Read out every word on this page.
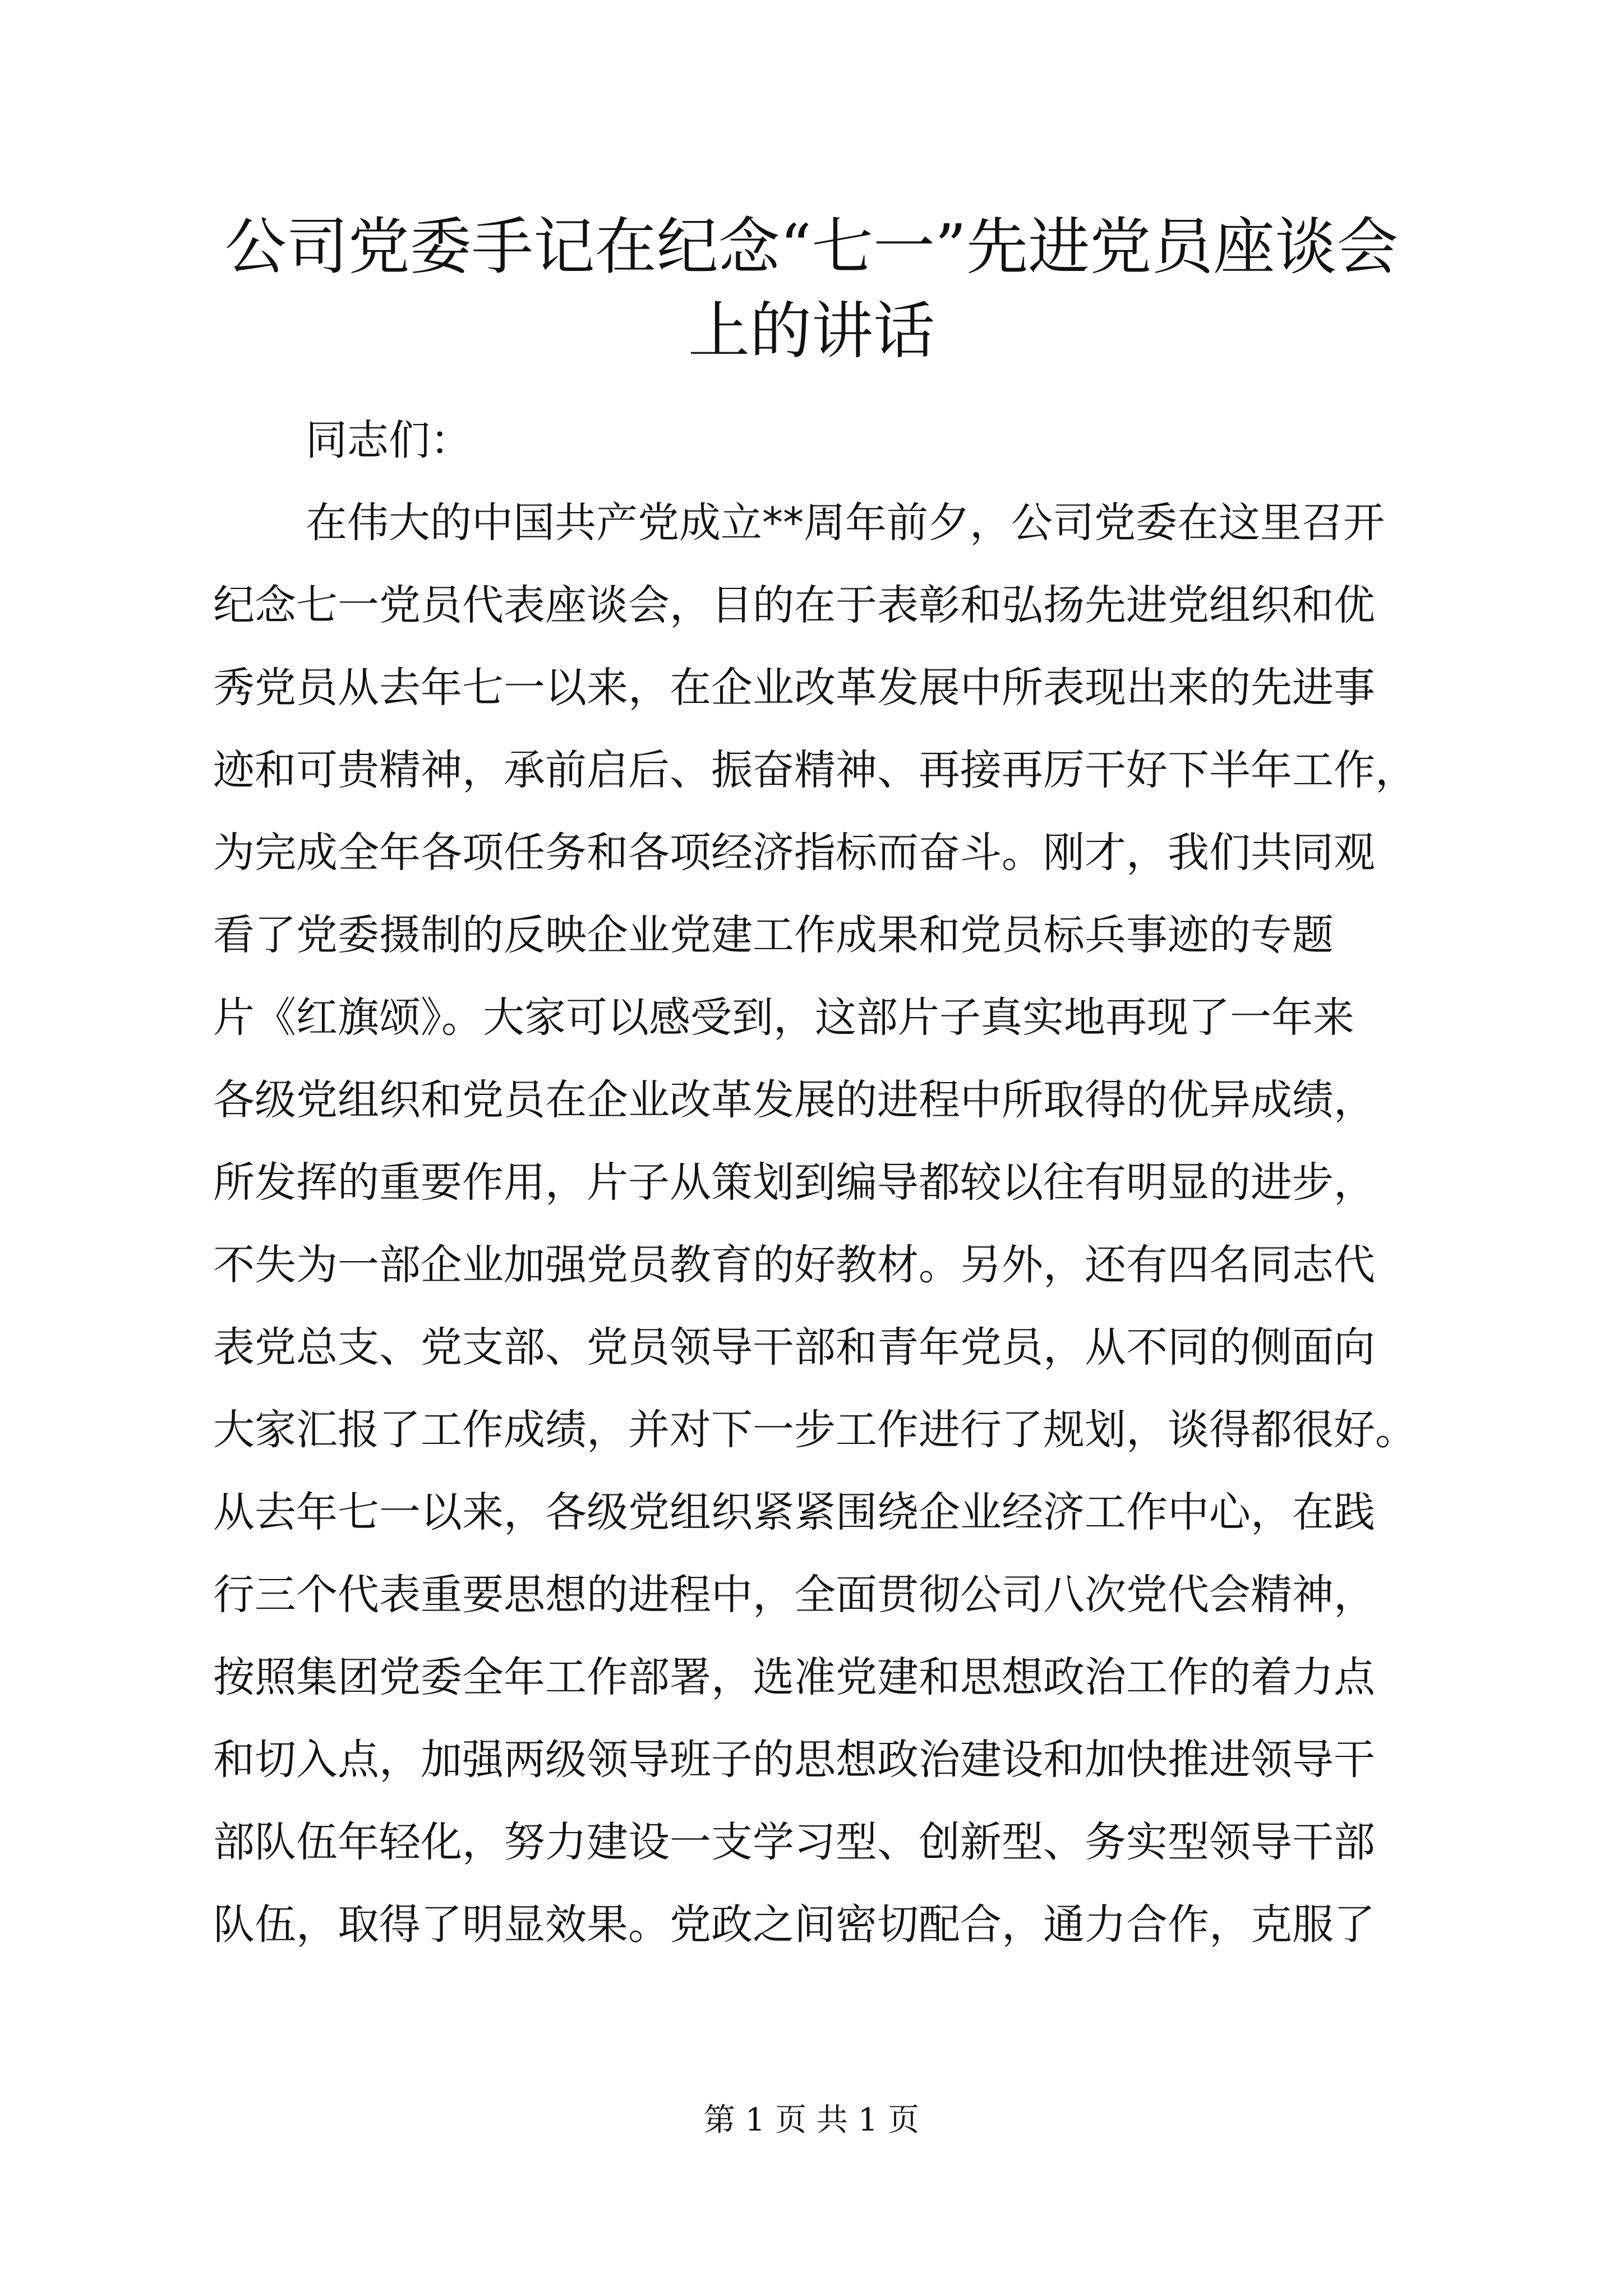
公司党委手记在纪念“七一”先进党员座谈会
上的讲话

同志们：

在伟大的中国共产党成立**周年前夕，公司党委在这里召开

纪念七一党员代表座谈会，目的在于表彰和弘扬先进党组织和优

秀党员从去年七一以来，在企业改革发展中所表现出来的先进事

迹和可贵精神，承前启后、振奋精神、再接再厉干好下半年工作，

为完成全年各项任务和各项经济指标而奋斗。刚才，我们共同观

看了党委摄制的反映企业党建工作成果和党员标兵事迹的专题

片《红旗颂》。大家可以感受到，这部片子真实地再现了一年来

各级党组织和党员在企业改革发展的进程中所取得的优异成绩，

所发挥的重要作用，片子从策划到编导都较以往有明显的进步，

不失为一部企业加强党员教育的好教材。另外，还有四名同志代

表党总支、党支部、党员领导干部和青年党员，从不同的侧面向

大家汇报了工作成绩，并对下一步工作进行了规划，谈得都很好。

从去年七一以来，各级党组织紧紧围绕企业经济工作中心，在践

行三个代表重要思想的进程中，全面贯彻公司八次党代会精神，

按照集团党委全年工作部署，选准党建和思想政治工作的着力点

和切入点，加强两级领导班子的思想政治建设和加快推进领导干

部队伍年轻化，努力建设一支学习型、创新型、务实型领导干部

队伍，取得了明显效果。党政之间密切配合，通力合作，克服了

第 1 页 共 1 页
